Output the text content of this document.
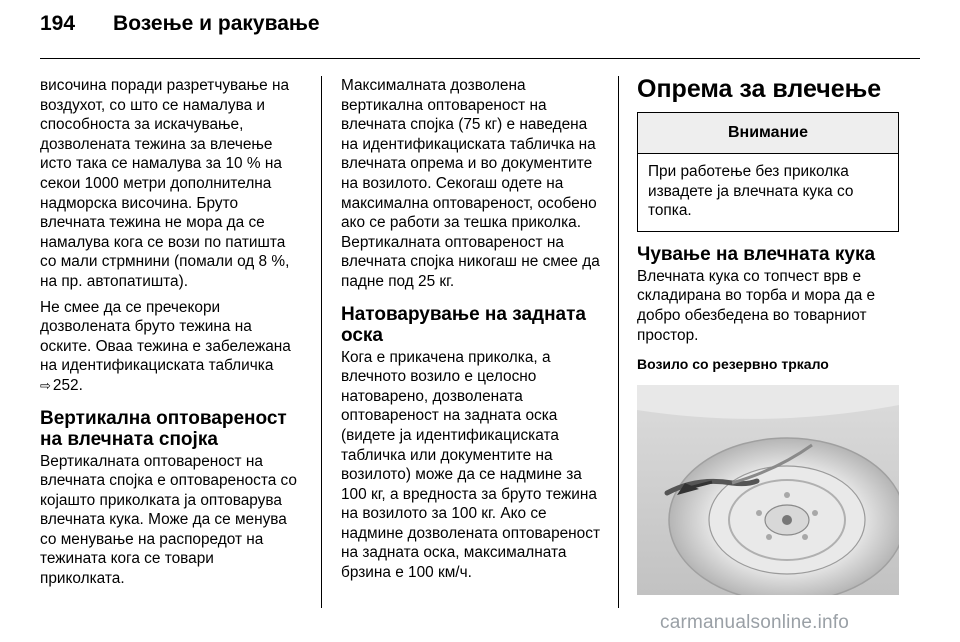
194 Возење и ракување

височина поради разретчување на воздухот, со што се намалува и способноста за искачување, дозволената тежина за влечење исто така се намалува за 10 % на секои 1000 метри дополнителна надморска височина. Бруто влечната тежина не мора да се намалува кога се вози по патишта со мали стрмнини (помали од 8 %, на пр. автопатишта).

Не смее да се пречекори дозволената бруто тежина на оските. Оваа тежина е забележана на идентификациската табличка
⇨ 252.

Вертикална оптовареност на влечната спојка

Вертикалната оптовареност на влечната спојка е оптовареноста со којашто приколката ја оптоварува влечната кука. Може да се менува со менување на распоредот на тежината кога се товари приколката.

Максималната дозволена вертикална оптовареност на влечната спојка (75 кг) е наведена на идентификациската табличка на влечната опрема и во документите на возилото. Секогаш одете на максимална оптовареност, особено ако се работи за тешка приколка. Вертикалната оптовареност на влечната спојка никогаш не смее да падне под 25 кг.

Натоварување на задната оска

Кога е прикачена приколка, а влечното возило е целосно натоварено, дозволената оптовареност на задната оска (видете ја идентификациската табличка или документите на возилото) може да се надмине за 100 кг, а вредноста за бруто тежина на возилото за 100 кг. Ако се надмине дозволената оптовареност на задната оска, максималната брзина е 100 км/ч.

Опрема за влечење
Внимание
При работење без приколка извадете ја влечната кука со топка.
Чување на влечната кука

Влечната кука со топчест врв е складирана во торба и мора да е добро обезбедена во товарниот простор.

Возило со резервно тркало
carmanualsonline.info
